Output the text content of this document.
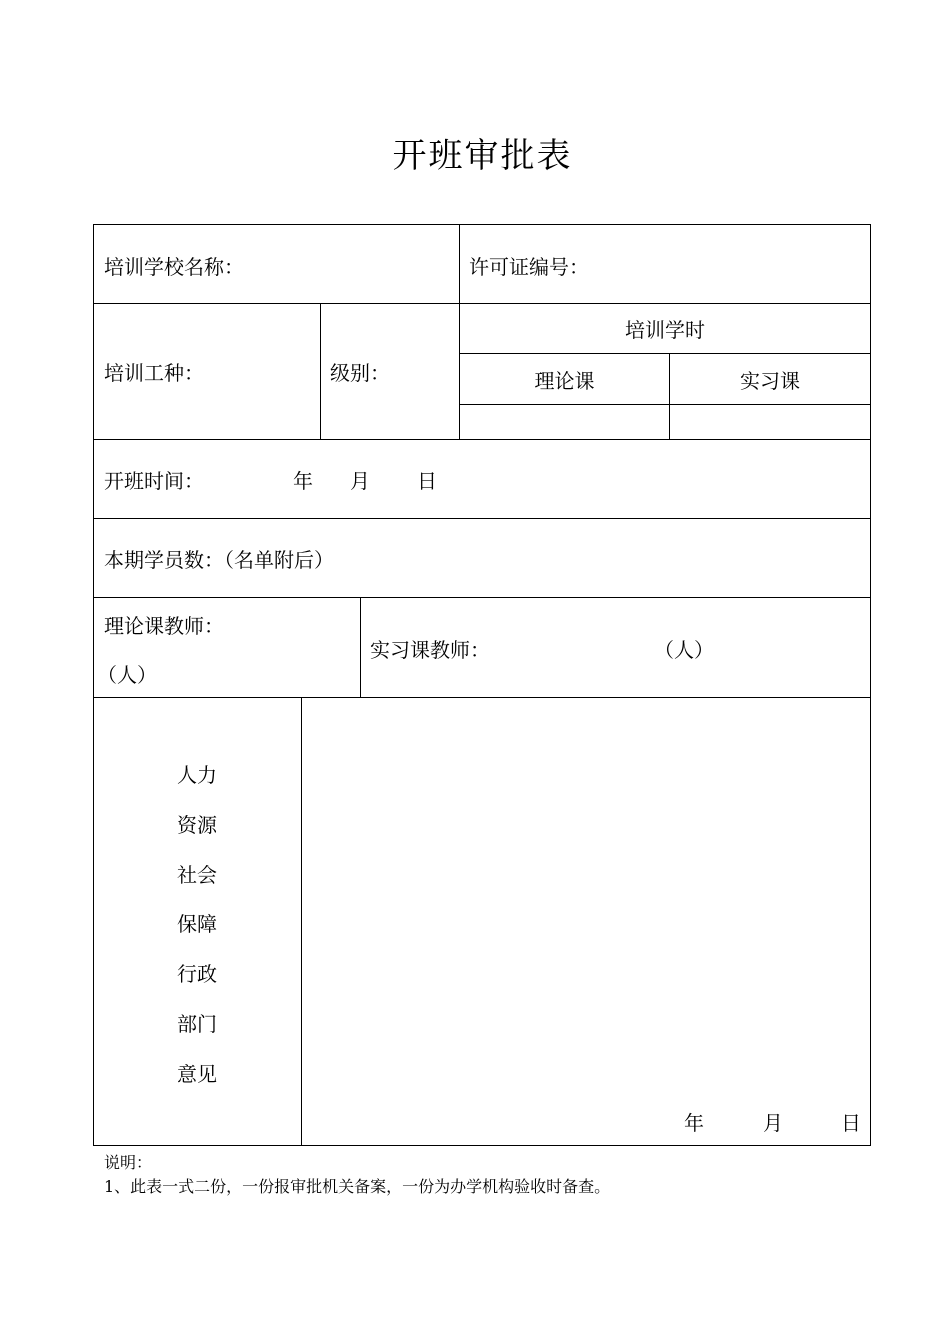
开班审批表
培训学校名称：	许可证编号：
培训工种：	级别：
培训学时
理论课	实习课
开班时间：	年 月 日
本期学员数：（名单附后）
理论课教师：
（人）
实习课教师：	（人）
人力
资源
社会
保障
行政
部门
意见
年	月	日
说明：
1、此表一式二份，一份报审批机关备案，一份为办学机构验收时备查。
